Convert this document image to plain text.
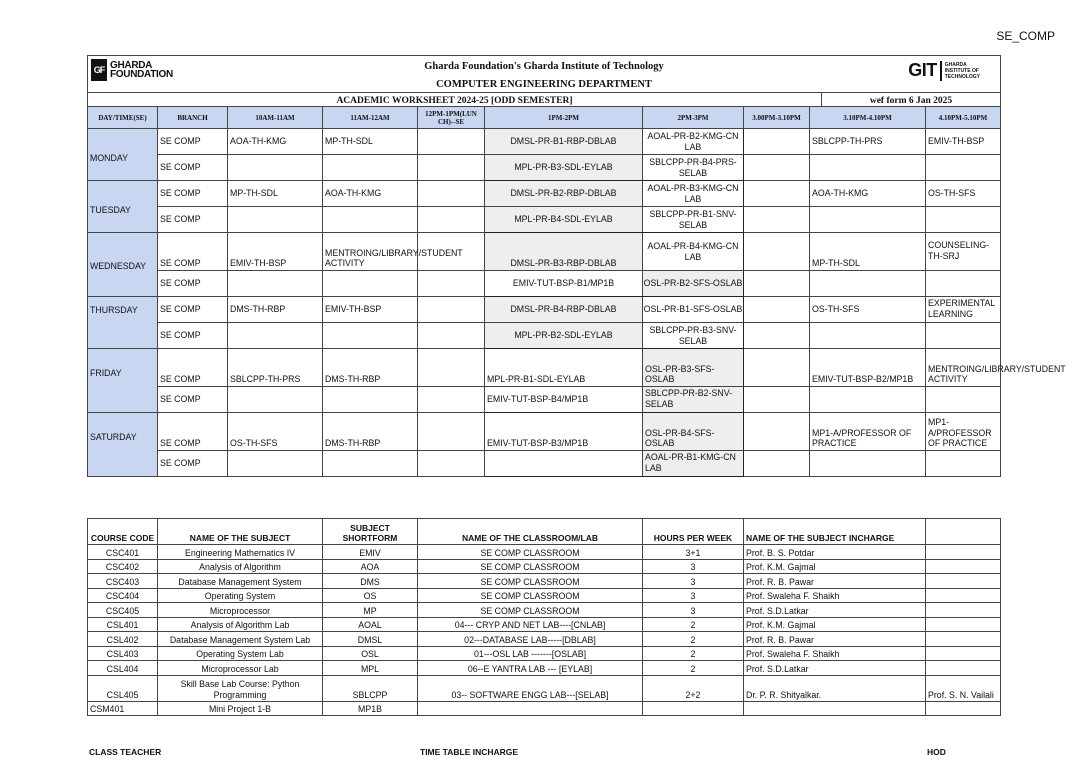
SE_COMP
GF GHARDA
FOUNDATION
Gharda Foundation's Gharda Institute of Technology	GIT GHARDA
INSTITUTE OF
TECHNOLOGY

COMPUTER ENGINEERING DEPARTMENT
ACADEMIC WORKSHEET 2024-25 [ODD SEMESTER]	wef form 6 Jan 2025
DAY/TIME(SE)	BRANCH	10AM-11AM	11AM-12AM	12PM-1PM(LUN CH)--SE	1PM-2PM	2PM-3PM	3.00PM-3.10PM	3.10PM-4.10PM	4.10PM-5.10PM
MONDAY	SE COMP	AOA-TH-KMG	MP-TH-SDL		DMSL-PR-B1-RBP-DBLAB	AOAL-PR-B2-KMG-CN LAB		SBLCPP-TH-PRS	EMIV-TH-BSP
	SE COMP				MPL-PR-B3-SDL-EYLAB	SBLCPP-PR-B4-PRS-SELAB			
TUESDAY	SE COMP	MP-TH-SDL	AOA-TH-KMG		DMSL-PR-B2-RBP-DBLAB	AOAL-PR-B3-KMG-CN LAB		AOA-TH-KMG	OS-TH-SFS
	SE COMP				MPL-PR-B4-SDL-EYLAB	SBLCPP-PR-B1-SNV-SELAB			
WEDNESDAY	SE COMP	EMIV-TH-BSP	MENTROING/LIBRARY/STUDENT ACTIVITY		DMSL-PR-B3-RBP-DBLAB	AOAL-PR-B4-KMG-CN LAB		MP-TH-SDL	COUNSELING-TH-SRJ
	SE COMP				EMIV-TUT-BSP-B1/MP1B	OSL-PR-B2-SFS-OSLAB			
THURSDAY	SE COMP	DMS-TH-RBP	EMIV-TH-BSP		DMSL-PR-B4-RBP-DBLAB	OSL-PR-B1-SFS-OSLAB		OS-TH-SFS	EXPERIMENTAL LEARNING
	SE COMP				MPL-PR-B2-SDL-EYLAB	SBLCPP-PR-B3-SNV-SELAB			
FRIDAY	SE COMP	SBLCPP-TH-PRS	DMS-TH-RBP		MPL-PR-B1-SDL-EYLAB	OSL-PR-B3-SFS-OSLAB		EMIV-TUT-BSP-B2/MP1B	MENTROING/LIBRARY/STUDENT ACTIVITY
	SE COMP				EMIV-TUT-BSP-B4/MP1B	SBLCPP-PR-B2-SNV-SELAB			
SATURDAY	SE COMP	OS-TH-SFS	DMS-TH-RBP		EMIV-TUT-BSP-B3/MP1B	OSL-PR-B4-SFS-OSLAB		MP1-A/PROFESSOR OF PRACTICE	MP1-A/PROFESSOR OF PRACTICE
	SE COMP					AOAL-PR-B1-KMG-CN LAB			
COURSE CODE	NAME OF THE SUBJECT	SUBJECT SHORTFORM	NAME OF THE CLASSROOM/LAB	HOURS PER WEEK	NAME OF THE SUBJECT INCHARGE	
CSC401	Engineering Mathematics IV	EMIV	SE COMP CLASSROOM	3+1	Prof. B. S. Potdar	
CSC402	Analysis of Algorithm	AOA	SE COMP CLASSROOM	3	Prof. K.M. Gajmal	
CSC403	Database Management System	DMS	SE COMP CLASSROOM	3	Prof. R. B. Pawar	
CSC404	Operating System	OS	SE COMP CLASSROOM	3	Prof. Swaleha F. Shaikh	
CSC405	Microprocessor	MP	SE COMP CLASSROOM	3	Prof. S.D.Latkar	
CSL401	Analysis of Algorithm Lab	AOAL	04--- CRYP AND NET LAB----[CNLAB]	2	Prof. K.M. Gajmal	
CSL402	Database Management System Lab	DMSL	02---DATABASE LAB-----[DBLAB]	2	Prof. R. B. Pawar	
CSL403	Operating System Lab	OSL	01---OSL LAB -------[OSLAB]	2	Prof. Swaleha F. Shaikh	
CSL404	Microprocessor Lab	MPL	06--E YANTRA LAB --- [EYLAB]	2	Prof. S.D.Latkar	
CSL405	Skill Base Lab Course: Python Programming	SBLCPP	03-- SOFTWARE ENGG LAB---[SELAB]	2+2	Dr. P. R. Shityalkar.	Prof. S. N. Vailali
CSM401	Mini Project 1-B	MP1B				
CLASS TEACHER	TIME TABLE INCHARGE	HOD
